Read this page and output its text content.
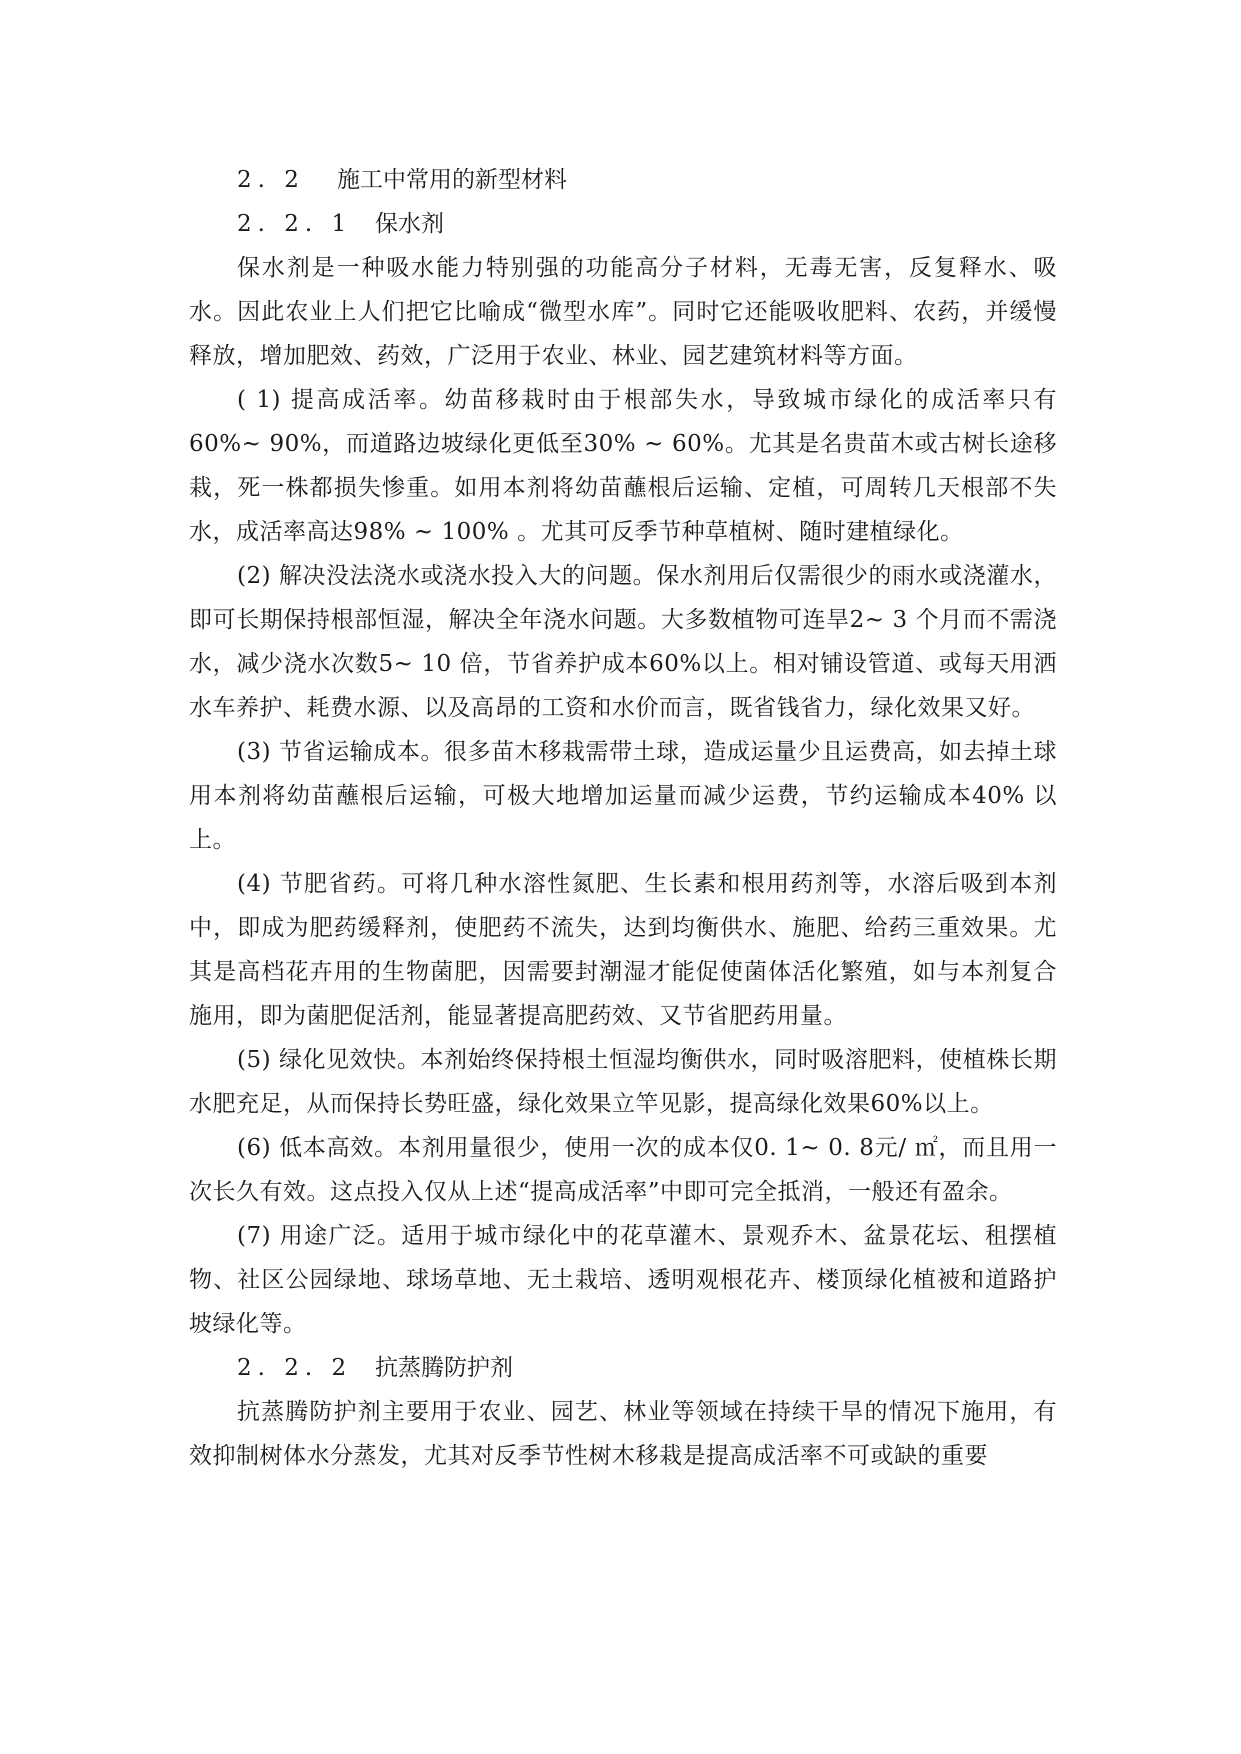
2. 2 施工中常用的新型材料
2. 2. 1 保水剂

保水剂是一种吸水能力特别强的功能高分子材料，无毒无害，反复释水、吸水。因此农业上人们把它比喻成“微型水库”。同时它还能吸收肥料、农药，并缓慢释放，增加肥效、药效，广泛用于农业、林业、园艺建筑材料等方面。

( 1) 提高成活率。幼苗移栽时由于根部失水，导致城市绿化的成活率只有60%~ 90%，而道路边坡绿化更低至30% ~ 60%。尤其是名贵苗木或古树长途移栽，死一株都损失惨重。如用本剂将幼苗蘸根后运输、定植，可周转几天根部不失水，成活率高达98% ~ 100% 。尤其可反季节种草植树、随时建植绿化。

(2) 解决没法浇水或浇水投入大的问题。保水剂用后仅需很少的雨水或浇灌水，即可长期保持根部恒湿，解决全年浇水问题。大多数植物可连旱2~ 3 个月而不需浇水，减少浇水次数5~ 10 倍，节省养护成本60%以上。相对铺设管道、或每天用洒水车养护、耗费水源、以及高昂的工资和水价而言，既省钱省力，绿化效果又好。

(3) 节省运输成本。很多苗木移栽需带土球，造成运量少且运费高，如去掉土球用本剂将幼苗蘸根后运输，可极大地增加运量而减少运费，节约运输成本40% 以上。

(4) 节肥省药。可将几种水溶性氮肥、生长素和根用药剂等，水溶后吸到本剂中，即成为肥药缓释剂，使肥药不流失，达到均衡供水、施肥、给药三重效果。尤其是高档花卉用的生物菌肥，因需要封潮湿才能促使菌体活化繁殖，如与本剂复合施用，即为菌肥促活剂，能显著提高肥药效、又节省肥药用量。

(5) 绿化见效快。本剂始终保持根土恒湿均衡供水，同时吸溶肥料，使植株长期水肥充足，从而保持长势旺盛，绿化效果立竿见影，提高绿化效果60%以上。

(6) 低本高效。本剂用量很少，使用一次的成本仅0. 1~ 0. 8元/ ㎡，而且用一次长久有效。这点投入仅从上述“提高成活率”中即可完全抵消，一般还有盈余。

(7) 用途广泛。适用于城市绿化中的花草灌木、景观乔木、盆景花坛、租摆植物、社区公园绿地、球场草地、无土栽培、透明观根花卉、楼顶绿化植被和道路护坡绿化等。

2. 2. 2 抗蒸腾防护剂

抗蒸腾防护剂主要用于农业、园艺、林业等领域在持续干旱的情况下施用，有效抑制树体水分蒸发，尤其对反季节性树木移栽是提高成活率不可或缺的重要
